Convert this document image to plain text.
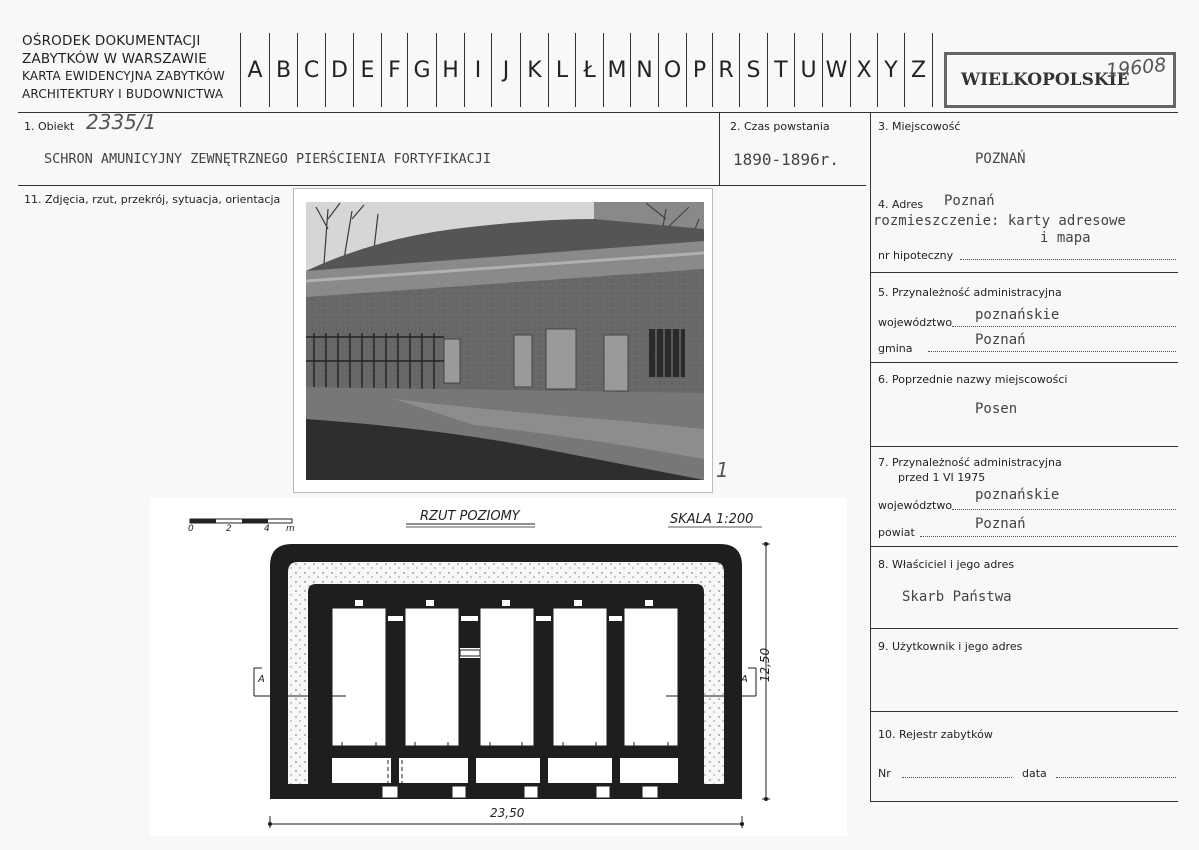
OŚRODEK DOKUMENTACJI
ZABYTKÓW W WARSZAWIE
KARTA EWIDENCYJNA ZABYTKÓW
ARCHITEKTURY I BUDOWNICTWA
A B C D E F G H I J K L Ł M N O P R S T U W X Y Z	WIELKOPOLSKIE
19608
1. Obiekt 2335/1
SCHRON AMUNICYJNY ZEWNĘTRZNEGO PIERŚCIENIA FORTYFIKACJI
2. Czas powstania
1890-1896r.
3. Miejscowość
POZNAŃ
4. Adres Poznań
rozmieszczenie: karty adresowe
i mapa
nr hipoteczny
5. Przynależność administracyjna
województwo poznańskie
gmina
Poznań
6. Poprzednie nazwy miejscowości
Posen
7. Przynależność administracyjna
przed 1 VI 1975
województwo
poznańskie
powiat
Poznań
8. Właściciel i jego adres
Skarb Państwa
9. Użytkownik i jego adres
10. Rejestr zabytków
Nr	data
11. Zdjęcia, rzut, przekrój, sytuacja, orientacja
1
RZUT POZIOMY	SKALA 1:200
0	2	4 m
A	A 12,50
23,50
